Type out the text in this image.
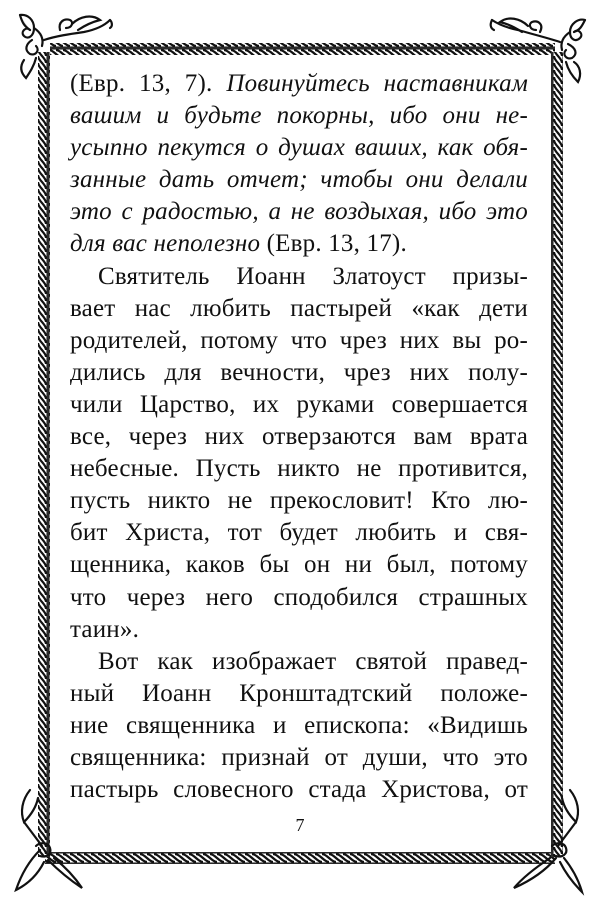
(Евр. 13, 7). Повинуйтесь наставникам
вашим и будьте покорны, ибо они не-
усыпно пекутся о душах ваших, как обя-
занные дать отчет; чтобы они делали
это с радостью, а не воздыхая, ибо это
для вас неполезно (Евр. 13, 17).
Святитель Иоанн Златоуст призы-
вает нас любить пастырей «как дети
родителей, потому что чрез них вы ро-
дились для вечности, чрез них полу-
чили Царство, их руками совершается
все, через них отверзаются вам врата
небесные. Пусть никто не противится,
пусть никто не прекословит! Кто лю-
бит Христа, тот будет любить и свя-
щенника, каков бы он ни был, потому
что через него сподобился страшных
таин».
Вот как изображает святой правед-
ный Иоанн Кронштадтский положе-
ние священника и епископа: «Видишь
священника: признай от души, что это
пастырь словесного стада Христова, от
7
